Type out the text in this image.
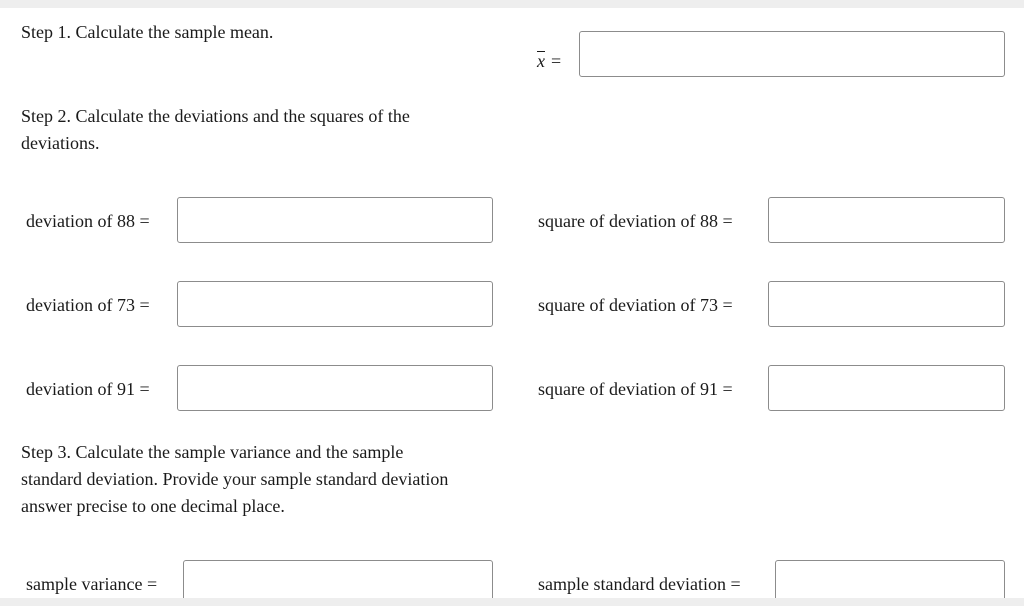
Step 1. Calculate the sample mean.
x =
Step 2. Calculate the deviations and the squares of the
deviations.
deviation of 88 =	square of deviation of 88 =
deviation of 73 =	square of deviation of 73 =
deviation of 91 =	square of deviation of 91 =
Step 3. Calculate the sample variance and the sample
standard deviation. Provide your sample standard deviation
answer precise to one decimal place.
sample variance =	sample standard deviation =
